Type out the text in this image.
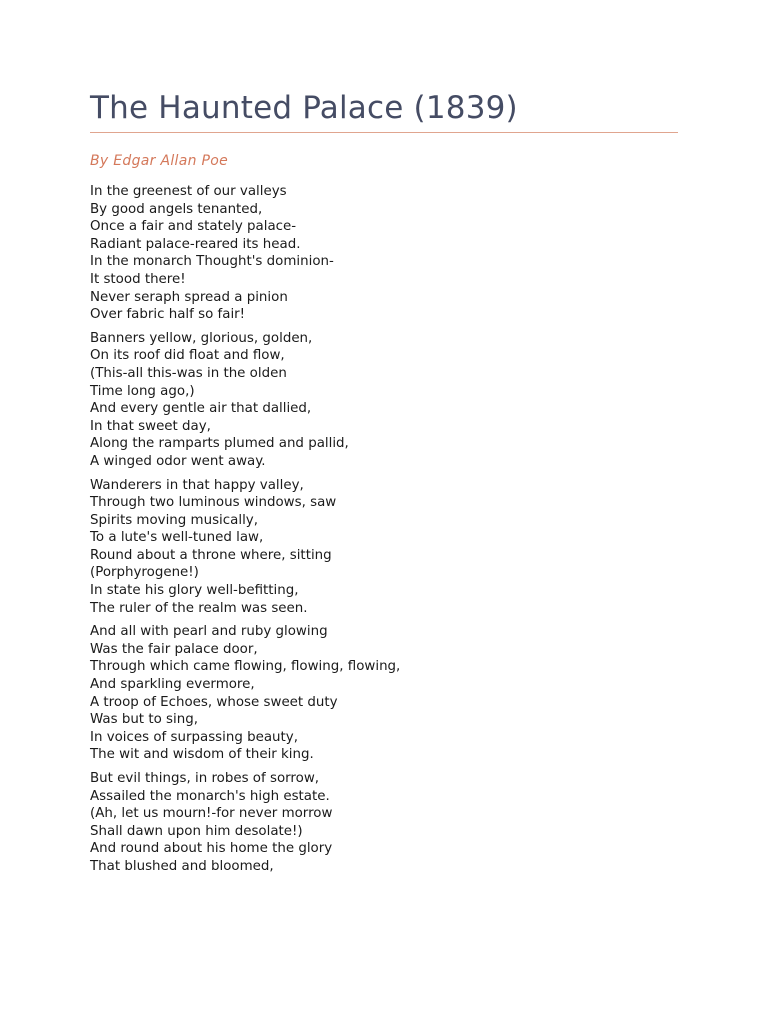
The Haunted Palace (1839)

By Edgar Allan Poe

In the greenest of our valleys
By good angels tenanted,
Once a fair and stately palace-
Radiant palace-reared its head.
In the monarch Thought's dominion-
It stood there!
Never seraph spread a pinion
Over fabric half so fair!
Banners yellow, glorious, golden,
On its roof did float and flow,
(This-all this-was in the olden
Time long ago,)
And every gentle air that dallied,
In that sweet day,
Along the ramparts plumed and pallid,
A winged odor went away.
Wanderers in that happy valley,
Through two luminous windows, saw
Spirits moving musically,
To a lute's well-tuned law,
Round about a throne where, sitting
(Porphyrogene!)
In state his glory well-befitting,
The ruler of the realm was seen.
And all with pearl and ruby glowing
Was the fair palace door,
Through which came flowing, flowing, flowing,
And sparkling evermore,
A troop of Echoes, whose sweet duty
Was but to sing,
In voices of surpassing beauty,
The wit and wisdom of their king.
But evil things, in robes of sorrow,
Assailed the monarch's high estate.
(Ah, let us mourn!-for never morrow
Shall dawn upon him desolate!)
And round about his home the glory
That blushed and bloomed,
